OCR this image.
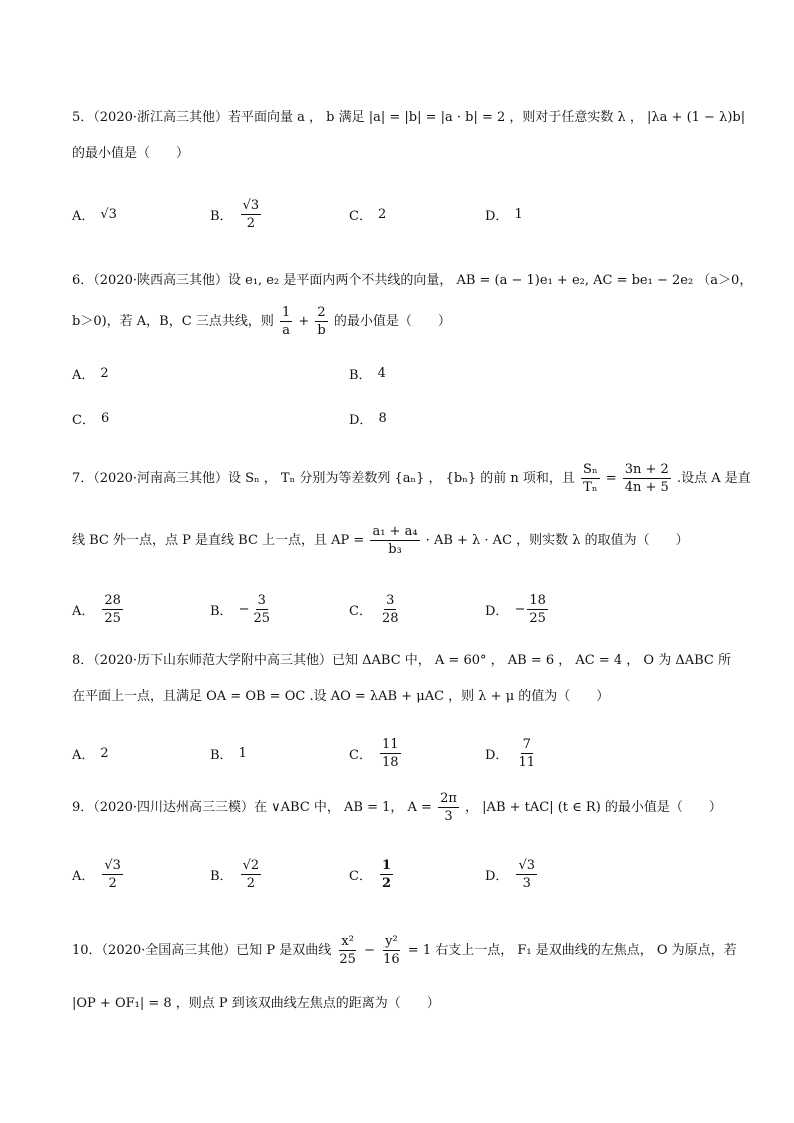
5．（2020·浙江高三其他）若平面向量 a ， b 满足 |a| = |b| = |a · b| = 2 ，则对于任意实数 λ ， |λa + (1 − λ)b|
的最小值是（　　）
A． √3	B． $\frac{√3}{2}$	C． 2	D． 1
6．（2020·陕西高三其他）设 e₁, e₂ 是平面内两个不共线的向量， AB = (a − 1)e₁ + e₂, AC = be₁ − 2e₂ （a＞0，
b＞0)，若 A，B，C 三点共线，则 $\frac{1}{a} + \frac{2}{b}$ 的最小值是（　　）
A． 2	B． 4
C． 6	D． 8
7．（2020·河南高三其他）设 Sₙ ， Tₙ 分别为等差数列 {aₙ} ， {bₙ} 的前 n 项和，且 $\frac{\text{Sₙ}}{\text{Tₙ}} = \frac{3n + 2}{4n + 5}$ .设点 A 是直
线 BC 外一点，点 P 是直线 BC 上一点，且 AP = $\frac{\text{a₁ + a₄}}{\text{b₃}}$ · AB + λ · AC ，则实数 λ 的取值为（　　）
A． $\frac{28}{25}$	B． − $\frac{3}{25}$	C． $\frac{3}{28}$	D． − $\frac{18}{25}$
8．（2020·历下山东师范大学附中高三其他）已知 ΔABC 中， A = 60° ， AB = 6 ， AC = 4 ， O 为 ΔABC 所
在平面上一点，且满足 OA = OB = OC .设 AO = λAB + μAC ，则 λ + μ 的值为（　　）
A． 2	B． 1	C． $\frac{11}{18}$	D． $\frac{7}{11}$
9．（2020·四川达州高三三模）在 ∨ABC 中， AB = 1， $A = \frac{2\pi}{3}$ ， |AB + tAC| (t ∈ R) 的最小值是（　　）
A． $\frac{√3}{2}$	B． $\frac{√2}{2}$	C． $\frac{1}{2}$	D． $\frac{√3}{3}$
10．（2020·全国高三其他）已知 P 是双曲线 $\frac{\text{x²}}{25} - \frac{\text{y²}}{16} = 1$ 右支上一点， F₁ 是双曲线的左焦点， O 为原点，若
|OP + OF₁| = 8 ，则点 P 到该双曲线左焦点的距离为（　　）
